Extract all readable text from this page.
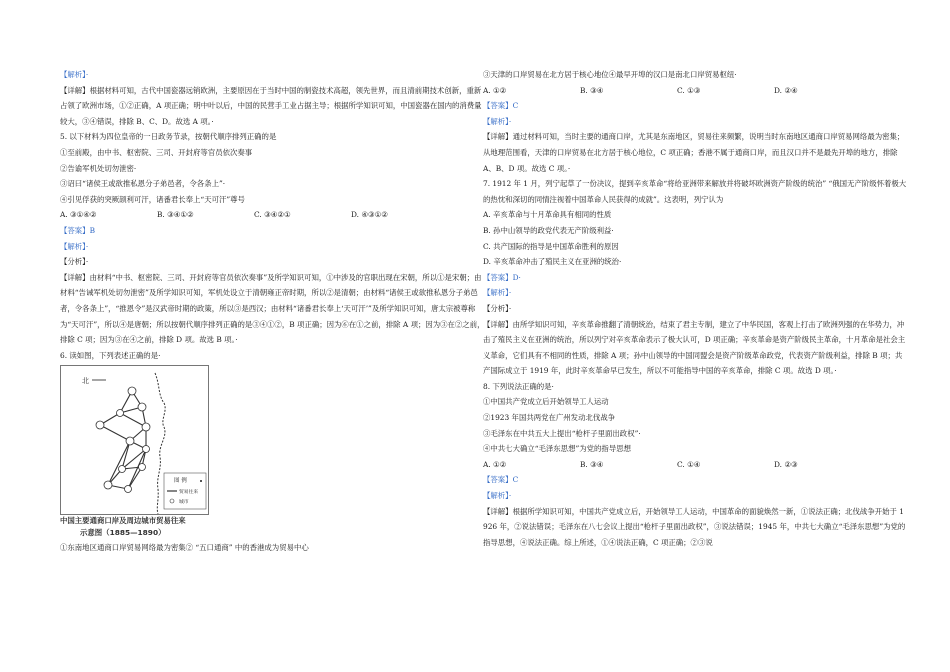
【解析】·

【详解】根据材料可知，古代中国瓷器远销欧洲，主要原因在于当时中国的制瓷技术高超，领先世界，而且清前期技术创新，重新占领了欧洲市场，①②正确，A 项正确；明中叶以后，中国的民营手工业占据主导；根据所学知识可知，中国瓷器在国内的消费量较大，③④错误，排除 B、C、D。故选 A 项。·

5. 以下材料为四位皇帝的一日政务节录，按朝代顺序排列正确的是

①至前殿，由中书、枢密院、三司、开封府等官员依次奏事

②告谕军机处切勿泄密·

③诏曰“诸侯王或欲推私恩分子弟邑者，令各条上”·

④引见俘获的突厥颉利可汗，诸番君长奉上“天可汗”尊号

A. ③①④②	B. ③④①②	C. ③④②①	D. ④③①②

【答案】B

【解析】·

【分析】·

【详解】由材料“中书、枢密院、三司、开封府等官员依次奏事”及所学知识可知，①中涉及的官职出现在宋朝，所以①是宋朝；由材料“告诫军机处切勿泄密”及所学知识可知，军机处设立于清朝雍正帝时期，所以②是清朝；由材料“诸侯王或欲推私恩分子弟邑者，令各条上”，“推恩令”是汉武帝时期的政策，所以③是西汉；由材料“诸番君长奉上‘天可汗’”及所学知识可知，唐太宗被尊称为“天可汗”，所以④是唐朝；所以按朝代顺序排列正确的是③④①②，B 项正确；因为⑥在①之前，排除 A 项；因为③在②之前，排除 C 项；因为③在④之前，排除 D 项。故选 B 项。·

6. 读如图，下列表述正确的是·

北
图 例
贸易往来
城市
中国主要通商口岸及周边城市贸易往来
示意图（1885—1890）

①东南地区通商口岸贸易网络最为密集② “五口通商” 中的香港成为贸易中心

③天津的口岸贸易在北方居于核心地位④最早开埠的汉口是南北口岸贸易枢纽·

A. ①②	B. ③④	C. ①③	D. ②④

【答案】C

【解析】·

【详解】通过材料可知，当时主要的通商口岸，尤其是东南地区，贸易往来频繁，说明当时东南地区通商口岸贸易网络最为密集；从地理范围看，天津的口岸贸易在北方居于核心地位，C 项正确；香港不属于通商口岸，而且汉口并不是最先开埠的地方，排除 A、B、D 项。故选 C 项。·

7. 1912 年 1 月，列宁起草了一份决议，提到辛亥革命“将给亚洲带来解放并将破坏欧洲资产阶级的统治” “俄国无产阶级怀着极大的热忱和深切的同情注视着中国革命人民获得的成就”。这表明，列宁认为

A. 辛亥革命与十月革命具有相同的性质

B. 孙中山领导的政党代表无产阶级利益·

C. 共产国际的指导是中国革命胜利的原因

D. 辛亥革命冲击了殖民主义在亚洲的统治·

【答案】D·

【解析】·

【分析】·

【详解】由所学知识可知，辛亥革命推翻了清朝统治，结束了君主专制，建立了中华民国，客观上打击了欧洲列强的在华势力，冲击了殖民主义在亚洲的统治，所以列宁对辛亥革命表示了极大认可，D 项正确；辛亥革命是资产阶级民主革命，十月革命是社会主义革命，它们具有不相同的性质，排除 A 项；孙中山领导的中国同盟会是资产阶级革命政党，代表资产阶级利益，排除 B 项；共产国际成立于 1919 年，此时辛亥革命早已发生，所以不可能指导中国的辛亥革命，排除 C 项。故选 D 项。·

8. 下列说法正确的是·

①中国共产党成立后开始领导工人运动

②1923 年国共两党在广州发动北伐战争

③毛泽东在中共五大上提出“枪杆子里面出政权”·

④中共七大确立“毛泽东思想”为党的指导思想

A. ①②	B. ③④	C. ①④	D. ②③

【答案】C

【解析】·

【详解】根据所学知识可知，中国共产党成立后，开始领导工人运动，中国革命的面貌焕然一新，①说法正确；北伐战争开始于 1926 年，②说法错误；毛泽东在八七会议上提出“枪杆子里面出政权”，③说法错误；1945 年，中共七大确立“毛泽东思想”为党的指导思想，④说法正确。综上所述，①④说法正确，C 项正确；②③说
